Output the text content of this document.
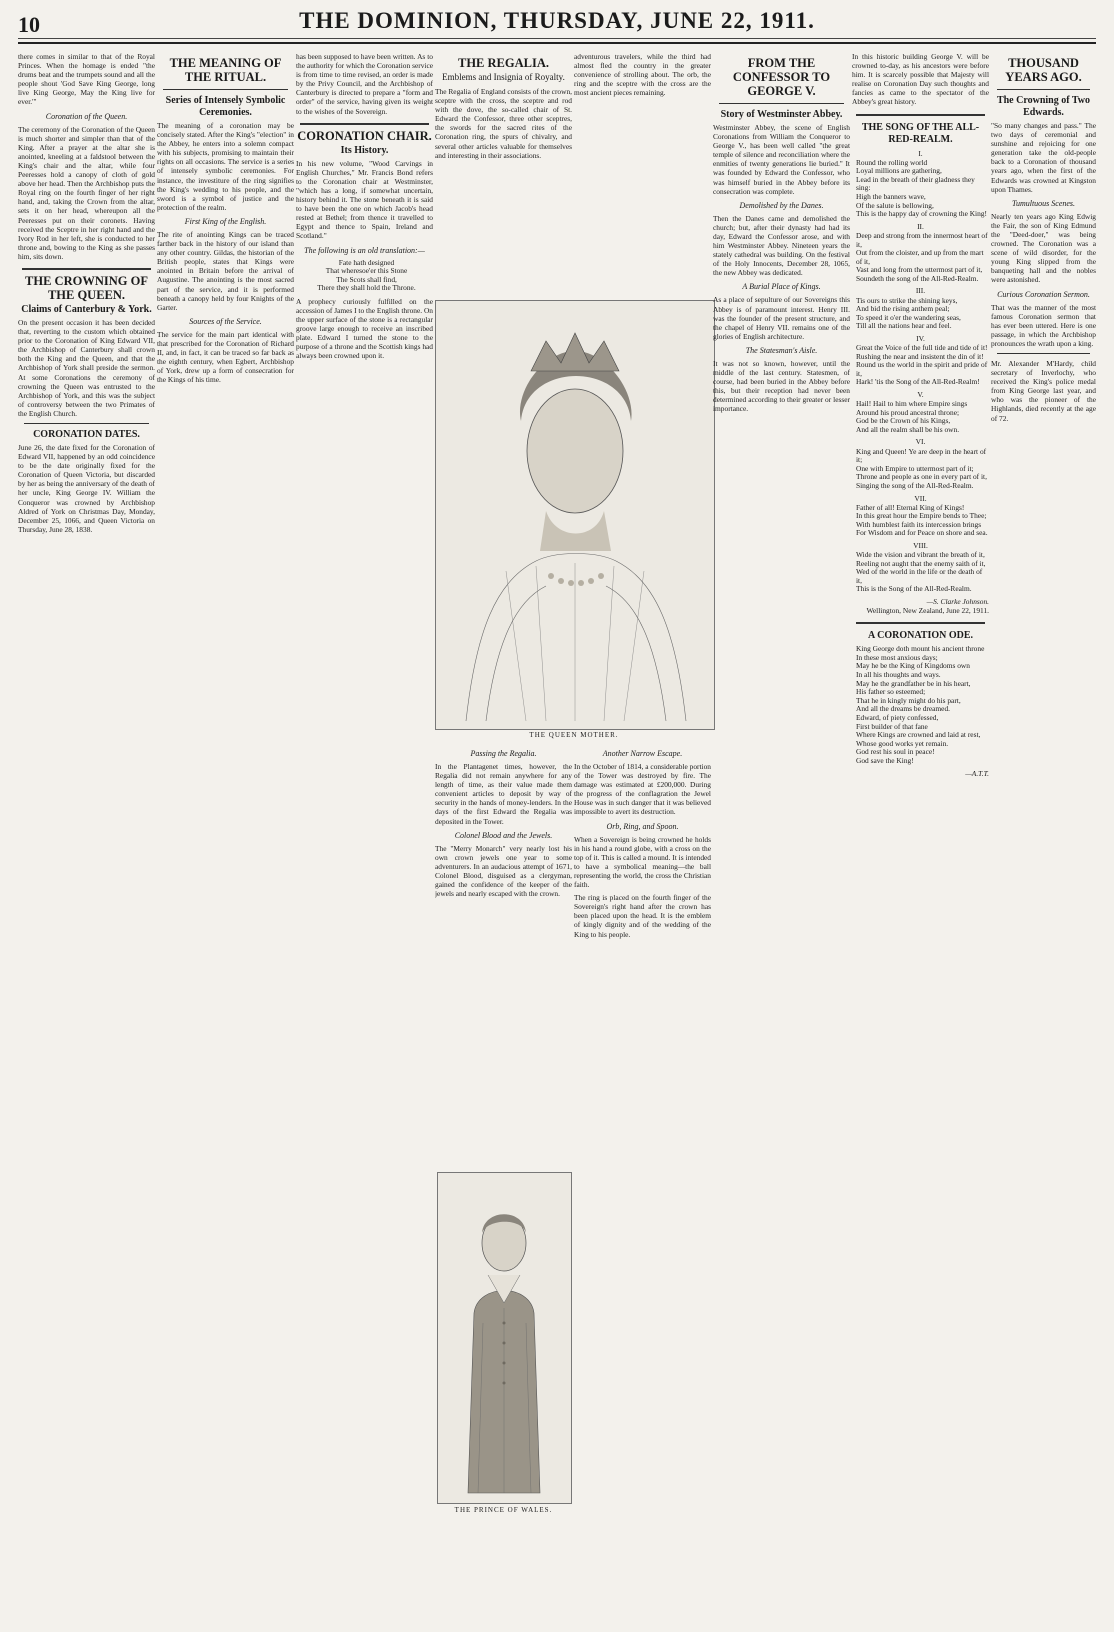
10	THE DOMINION, THURSDAY, JUNE 22, 1911.
there comes in similar to that of the Royal Princes. When the homage is ended "the drums beat and the trumpets sound and all the people shout 'God Save King George, long live King George, May the King live for ever.'"
Coronation of the Queen.
The ceremony of the Coronation of the Queen is much shorter and simpler than that of the King. After a prayer at the altar she is anointed, kneeling at a faldstool between the King's chair and the altar, while four Peeresses hold a canopy of cloth of gold above her head. Then the Archbishop puts the Royal ring on the fourth finger of her right hand, and, taking the Crown from the altar, sets it on her head, whereupon all the Peeresses put on their coronets. Having received the Sceptre in her right hand and the Ivory Rod in her left, she is conducted to her throne and, bowing to the King as she passes him, sits down.
THE CROWNING OF THE QUEEN.
Claims of Canterbury & York.
On the present occasion it has been decided that, reverting to the custom which obtained prior to the Coronation of King Edward VII, the Archbishop of Canterbury shall crown both the King and the Queen, and that the Archbishop of York shall preside the sermon. At some Coronations the ceremony of crowning the Queen was entrusted to the Archbishop of York, and this was the subject of controversy between the two Primates of the English Church.
CORONATION DATES.
June 26, the date fixed for the Coronation of Edward VII, happened by an odd coincidence to be the date originally fixed for the Coronation of Queen Victoria, but discarded by her as being the anniversary of the death of her uncle, King George IV. William the Conqueror was crowned by Archbishop Aldred of York on Christmas Day, Monday, December 25, 1066, and Queen Victoria on Thursday, June 28, 1838.
THE MEANING OF THE RITUAL.
Series of Intensely Symbolic Ceremonies.
The meaning of a coronation may be concisely stated. After the King's "election" in the Abbey, he enters into a solemn compact with his subjects, promising to maintain their rights on all occasions. The service is a series of intensely symbolic ceremonies. For instance, the investiture of the ring signifies the King's wedding to his people, and the sword is a symbol of justice and the protection of the realm.
First King of the English.
The rite of anointing Kings can be traced farther back in the history of our island than any other country. Gildas, the historian of the British people, states that Kings were anointed in Britain before the arrival of Augustine. The anointing is the most sacred part of the service, and it is performed beneath a canopy held by four Knights of the Garter.
Sources of the Service.
The service for the main part identical with that prescribed for the Coronation of Richard II, and, in fact, it can be traced so far back as the eighth century, when Egbert, Archbishop of York, drew up a form of consecration for the Kings of his time.
has been supposed to have been written. As to the authority for which the Coronation service is from time to time revised, an order is made by the Privy Council, and the Archbishop of Canterbury is directed to prepare a "form and order" of the service, having given its weight to the wishes of the Sovereign.
CORONATION CHAIR.
Its History.
In his new volume, "Wood Carvings in English Churches," Mr. Francis Bond refers to the Coronation chair at Westminster, "which has a long, if somewhat uncertain, history behind it. The stone beneath it is said to have been the one on which Jacob's head rested at Bethel; from thence it travelled to Egypt and thence to Spain, Ireland and Scotland."
The following is an old translation:—
Fate hath designed
That wheresoe'er this Stone
The Scots shall find,
There they shall hold the Throne.
A prophecy curiously fulfilled on the accession of James I to the English throne. On the upper surface of the stone is a rectangular groove large enough to receive an inscribed plate. Edward I turned the stone to the purpose of a throne and the Scottish kings had always been crowned upon it.
THE REGALIA.
Emblems and Insignia of Royalty.
The Regalia of England consists of the crown, sceptre with the cross, the sceptre and rod with the dove, the so-called chair of St. Edward the Confessor, three other sceptres, the swords for the sacred rites of the Coronation ring, the spurs of chivalry, and several other articles valuable for themselves and interesting in their associations.
adventurous travelers, while the third had almost fled the country in the greater convenience of strolling about. The orb, the ring and the sceptre with the cross are the most ancient pieces remaining.
THE QUEEN MOTHER.
Passing the Regalia.
In the Plantagenet times, however, the Regalia did not remain anywhere for any length of time, as their value made them convenient articles to deposit by way of security in the hands of money-lenders. In the days of the first Edward the Regalia was deposited in the Tower.
Colonel Blood and the Jewels.
The "Merry Monarch" very nearly lost his own crown jewels one year to some adventurers. In an audacious attempt of 1671, Colonel Blood, disguised as a clergyman, gained the confidence of the keeper of the jewels and nearly escaped with the crown.
THE PRINCE OF WALES.
Another Narrow Escape.
In the October of 1814, a considerable portion of the Tower was destroyed by fire. The damage was estimated at £200,000. During the progress of the conflagration the Jewel House was in such danger that it was believed impossible to avert its destruction.
Orb, Ring, and Spoon.
When a Sovereign is being crowned he holds in his hand a round globe, with a cross on the top of it. This is called a mound. It is intended to have a symbolical meaning—the ball representing the world, the cross the Christian faith.
The ring is placed on the fourth finger of the Sovereign's right hand after the crown has been placed upon the head. It is the emblem of kingly dignity and of the wedding of the King to his people.
FROM THE CONFESSOR TO GEORGE V.
Story of Westminster Abbey.
Westminster Abbey, the scene of English Coronations from William the Conqueror to George V., has been well called "the great temple of silence and reconciliation where the enmities of twenty generations lie buried." It was founded by Edward the Confessor, who was himself buried in the Abbey before its consecration was complete.
Demolished by the Danes.
Then the Danes came and demolished the church; but, after their dynasty had had its day, Edward the Confessor arose, and with him Westminster Abbey. Nineteen years the stately cathedral was building. On the festival of the Holy Innocents, December 28, 1065, the new Abbey was dedicated.
A Burial Place of Kings.
As a place of sepulture of our Sovereigns this Abbey is of paramount interest. Henry III. was the founder of the present structure, and the chapel of Henry VII. remains one of the glories of English architecture.
The Statesman's Aisle.
It was not so known, however, until the middle of the last century. Statesmen, of course, had been buried in the Abbey before this, but their reception had never been determined according to their greater or lesser importance.
In this historic building George V. will be crowned to-day, as his ancestors were before him. It is scarcely possible that Majesty will realise on Coronation Day such thoughts and fancies as came to the spectator of the Abbey's great history.
THE SONG OF THE ALL-RED-REALM.
I.
Round the rolling world
Loyal millions are gathering,
Lead in the breath of their gladness they sing:
High the banners wave,
Of the salute is bellowing,
This is the happy day of crowning the King!
II.
Deep and strong from the innermost heart of it,
Out from the cloister, and up from the mart of it,
Vast and long from the uttermost part of it,
Soundeth the song of the All-Red-Realm.
III.
Tis ours to strike the shining keys,
And bid the rising anthem peal;
To speed it o'er the wandering seas,
Till all the nations hear and feel.
IV.
Great the Voice of the full tide and tide of it!
Rushing the near and insistent the din of it!
Round us the world in the spirit and pride of it,
Hark! 'tis the Song of the All-Red-Realm!
V.
Hail! Hail to him where Empire sings
Around his proud ancestral throne;
God be the Crown of his Kings,
And all the realm shall be his own.
VI.
King and Queen! Ye are deep in the heart of it;
One with Empire to uttermost part of it;
Throne and people as one in every part of it,
Singing the song of the All-Red-Realm.
VII.
Father of all! Eternal King of Kings!
In this great hour the Empire bends to Thee;
With humblest faith its intercession brings
For Wisdom and for Peace on shore and sea.
VIII.
Wide the vision and vibrant the breath of it,
Reeling not aught that the enemy saith of it,
Wed of the world in the life or the death of it,
This is the Song of the All-Red-Realm.
—S. Clarke Johnson.
Wellington, New Zealand, June 22, 1911.
A CORONATION ODE.
King George doth mount his ancient throne
In these most anxious days;
May he be the King of Kingdoms own
In all his thoughts and ways.
May he the grandfather be in his heart,
His father so esteemed;
That he in kingly might do his part,
And all the dreams be dreamed.
Edward, of piety confessed,
First builder of that fane
Where Kings are crowned and laid at rest,
Whose good works yet remain.
God rest his soul in peace!
God save the King!
—A.T.T.
THOUSAND YEARS AGO.
The Crowning of Two Edwards.
"So many changes and pass." The two days of ceremonial and sunshine and rejoicing for one generation take the old-people back to a Coronation of thousand years ago, when the first of the Edwards was crowned at Kingston upon Thames.
Tumultuous Scenes.
Nearly ten years ago King Edwig the Fair, the son of King Edmund the "Deed-doer," was being crowned. The Coronation was a scene of wild disorder, for the young King slipped from the banqueting hall and the nobles were astonished.
Curious Coronation Sermon.
That was the manner of the most famous Coronation sermon that has ever been uttered. Here is one passage, in which the Archbishop pronounces the wrath upon a king.
Mr. Alexander M'Hardy, child secretary of Inverlochy, who received the King's police medal from King George last year, and who was the pioneer of the Highlands, died recently at the age of 72.
